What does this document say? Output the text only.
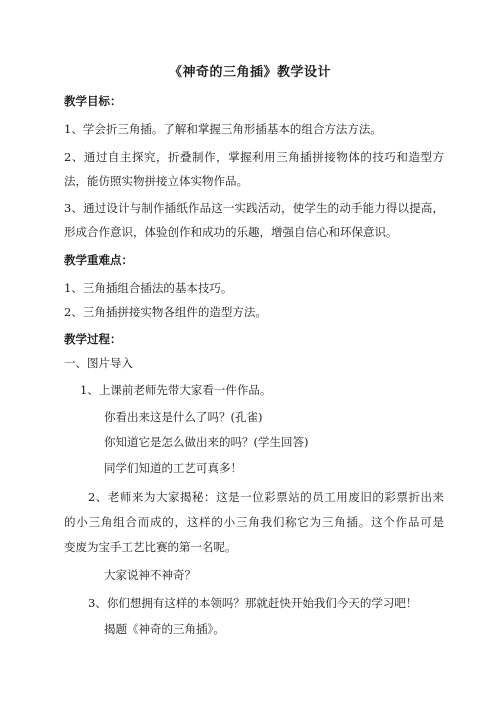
《神奇的三角插》教学设计
教学目标：
1、学会折三角插。了解和掌握三角形插基本的组合方法方法。
2、通过自主探究，折叠制作，掌握利用三角插拼接物体的技巧和造型方
法，能仿照实物拼接立体实物作品。
3、通过设计与制作插纸作品这一实践活动，使学生的动手能力得以提高，
形成合作意识，体验创作和成功的乐趣，增强自信心和环保意识。
教学重难点：
1、三角插组合插法的基本技巧。
2、三角插拼接实物各组件的造型方法。
教学过程：
一、图片导入
1、上课前老师先带大家看一件作品。
你看出来这是什么了吗？(孔雀)
你知道它是怎么做出来的吗？(学生回答)
同学们知道的工艺可真多！
2、老师来为大家揭秘：这是一位彩票站的员工用废旧的彩票折出来
的小三角组合而成的，这样的小三角我们称它为三角插。这个作品可是
变废为宝手工艺比赛的第一名呢。
大家说神不神奇？
3、你们想拥有这样的本领吗？那就赶快开始我们今天的学习吧！
揭题《神奇的三角插》。
